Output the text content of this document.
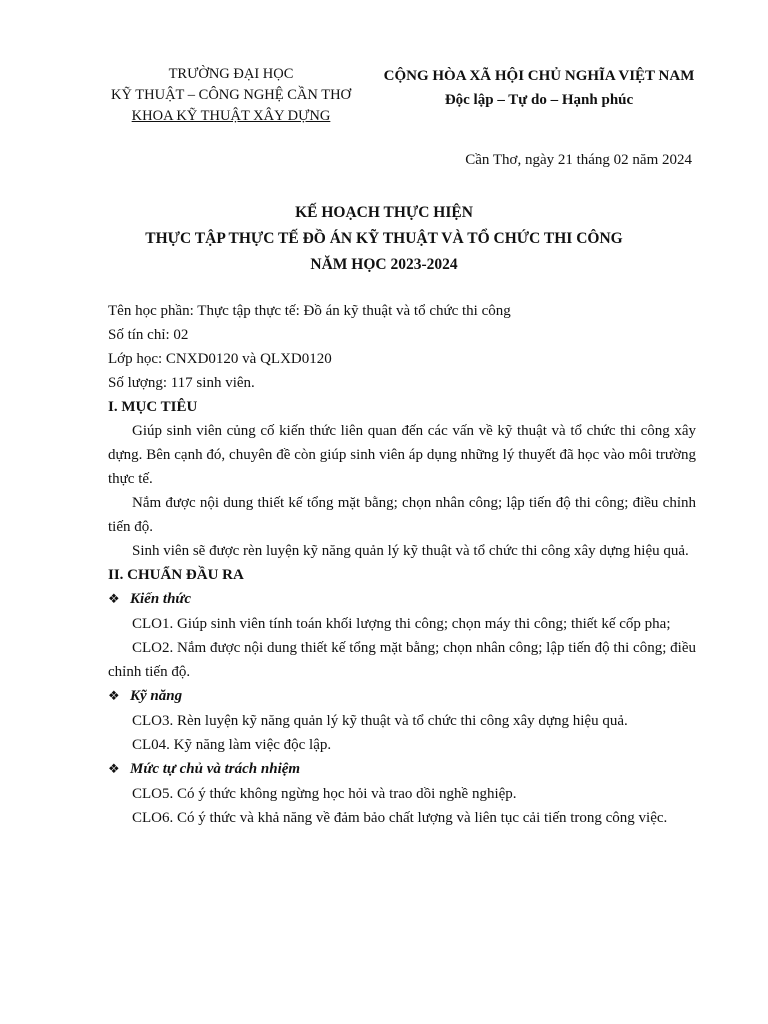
TRƯỜNG ĐẠI HỌC
KỸ THUẬT – CÔNG NGHỆ CẦN THƠ
KHOA KỸ THUẬT XÂY DỰNG
CỘNG HÒA XÃ HỘI CHỦ NGHĨA VIỆT NAM
Độc lập – Tự do – Hạnh phúc
Cần Thơ, ngày 21 tháng 02 năm 2024
KẾ HOẠCH THỰC HIỆN
THỰC TẬP THỰC TẾ ĐỒ ÁN KỸ THUẬT VÀ TỔ CHỨC THI CÔNG
NĂM HỌC 2023-2024

Tên học phần: Thực tập thực tế: Đồ án kỹ thuật và tổ chức thi công

Số tín chỉ: 02

Lớp học: CNXD0120 và QLXD0120

Số lượng: 117 sinh viên.

I. MỤC TIÊU

Giúp sinh viên củng cố kiến thức liên quan đến các vấn về kỹ thuật và tổ chức thi công xây dựng. Bên cạnh đó, chuyên đề còn giúp sinh viên áp dụng những lý thuyết đã học vào môi trường thực tế.

Nắm được nội dung thiết kế tổng mặt bằng; chọn nhân công; lập tiến độ thi công; điều chỉnh tiến độ.

Sinh viên sẽ được rèn luyện kỹ năng quản lý kỹ thuật và tổ chức thi công xây dựng hiệu quả.

II. CHUẨN ĐẦU RA

❖ Kiến thức

CLO1. Giúp sinh viên tính toán khối lượng thi công; chọn máy thi công; thiết kế cốp pha;

CLO2. Nắm được nội dung thiết kế tổng mặt bằng; chọn nhân công; lập tiến độ thi công; điều chỉnh tiến độ.

❖ Kỹ năng

CLO3. Rèn luyện kỹ năng quản lý kỹ thuật và tổ chức thi công xây dựng hiệu quả.

CL04. Kỹ năng làm việc độc lập.

❖ Mức tự chủ và trách nhiệm

CLO5. Có ý thức không ngừng học hỏi và trao dồi nghề nghiệp.

CLO6. Có ý thức và khả năng về đảm bảo chất lượng và liên tục cải tiến trong công việc.
